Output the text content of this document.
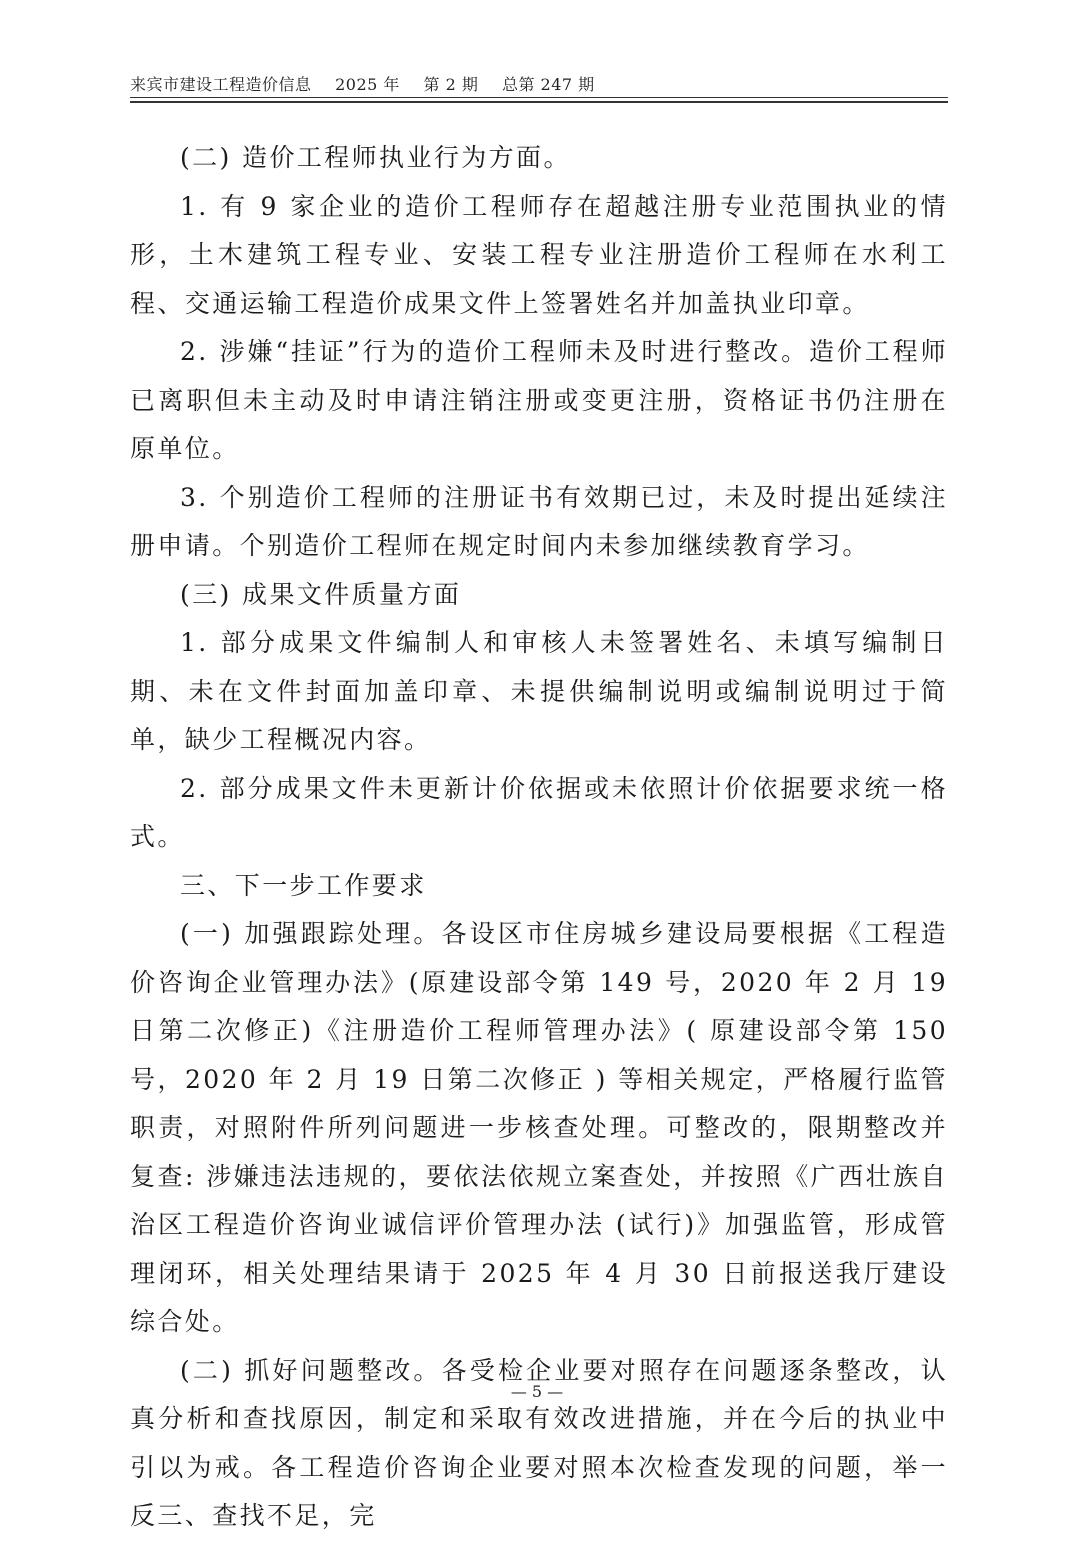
来宾市建设工程造价信息 2025 年 第 2 期 总第 247 期

(二) 造价工程师执业行为方面。

1. 有 9 家企业的造价工程师存在超越注册专业范围执业的情形，土木建筑工程专业、安装工程专业注册造价工程师在水利工程、交通运输工程造价成果文件上签署姓名并加盖执业印章。

2. 涉嫌“挂证”行为的造价工程师未及时进行整改。造价工程师已离职但未主动及时申请注销注册或变更注册，资格证书仍注册在原单位。

3. 个别造价工程师的注册证书有效期已过，未及时提出延续注册申请。个别造价工程师在规定时间内未参加继续教育学习。

(三) 成果文件质量方面

1. 部分成果文件编制人和审核人未签署姓名、未填写编制日期、未在文件封面加盖印章、未提供编制说明或编制说明过于简单，缺少工程概况内容。

2. 部分成果文件未更新计价依据或未依照计价依据要求统一格式。

三、下一步工作要求

(一) 加强跟踪处理。各设区市住房城乡建设局要根据《工程造价咨询企业管理办法》(原建设部令第 149 号，2020 年 2 月 19 日第二次修正)《注册造价工程师管理办法》( 原建设部令第 150 号，2020 年 2 月 19 日第二次修正 ) 等相关规定，严格履行监管职责，对照附件所列问题进一步核查处理。可整改的，限期整改并复查: 涉嫌违法违规的，要依法依规立案查处，并按照《广西壮族自治区工程造价咨询业诚信评价管理办法 (试行)》加强监管，形成管理闭环，相关处理结果请于 2025 年 4 月 30 日前报送我厅建设综合处。

(二) 抓好问题整改。各受检企业要对照存在问题逐条整改，认真分析和查找原因，制定和采取有效改进措施，并在今后的执业中引以为戒。各工程造价咨询企业要对照本次检查发现的问题，举一反三、查找不足，完

— 5 —
